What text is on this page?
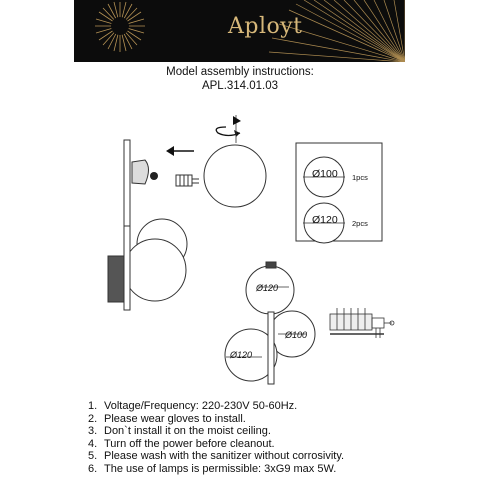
Aployt
Model assembly instructions:
APL.314.01.03
Ø100
Ø120
1pcs
2pcs
Ø120
Ø100
Ø120
1. Voltage/Frequency: 220-230V 50-60Hz.
2. Please wear gloves to install.
3. Don`t install it on the moist ceiling.
4. Turn off the power before cleanout.
5. Please wash with the sanitizer without corrosivity.
6. The use of lamps is permissible: 3xG9 max 5W.
